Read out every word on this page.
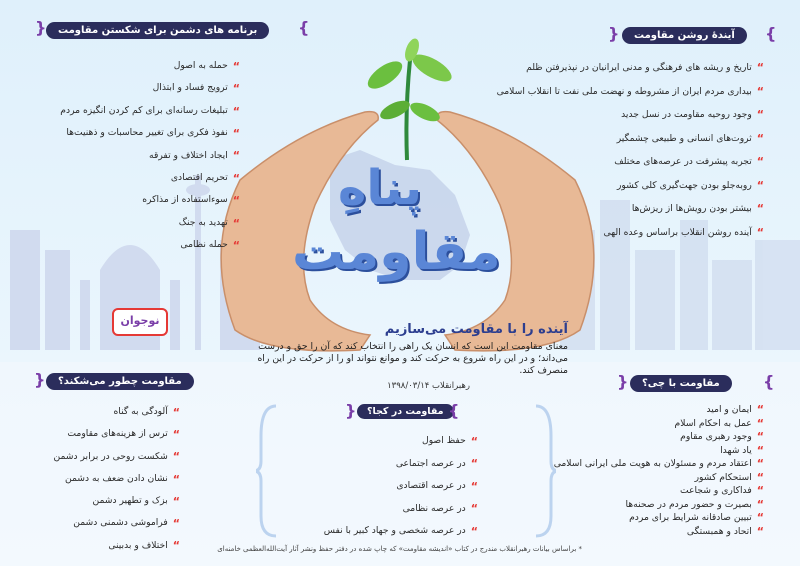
}
برنامه های دشمن برای شکستن مقاومت
{
“
حمله به اصول
“
ترویج فساد و ابتذال
“
تبلیغات رسانه‌ای برای کم کردن انگیزه مردم
“
نفوذ فکری برای تغییر محاسبات و ذهنیت‌ها
“
ایجاد اختلاف و تفرقه
“
تحریم اقتصادی
“
سوءاستفاده از مذاکره
“
تهدید به جنگ
“
حمله نظامی
}
آیندهٔ روشن مقاومت
{
“
تاریخ و ریشه های فرهنگی و مدنی ایرانیان در نپذیرفتن ظلم
“
بیداری مردم ایران از مشروطه و نهضت ملی نفت تا انقلاب اسلامی
“
وجود روحیه مقاومت در نسل جدید
“
ثروت‌های انسانی و طبیعی چشمگیر
“
تجربه پیشرفت در عرصه‌های مختلف
“
روبه‌جلو بودن جهت‌گیری کلی کشور
“
بیشتر بودن رویش‌ها از ریزش‌ها
“
آینده روشن انقلاب براساس وعده الهی
پناهِ
مقاومت
نوجوان
آینده را با مقاومت می‌سازیم
معنای مقاومت این است که انسان یک راهی را انتخاب کند که آن را حق و درست می‌داند؛ و در این راه شروع به حرکت کند و موانع نتواند او را از حرکت در این راه منصرف کند.
رهبرانقلاب ۱۳۹۸/۰۳/۱۴
مقاومت چطور می‌شکند؟
{
“
آلودگی به گناه
“
ترس از هزینه‌های مقاومت
“
شکست روحی در برابر دشمن
“
نشان دادن ضعف به دشمن
“
بزک و تطهیر دشمن
“
فراموشی دشمنی دشمن
“
اختلاف و بدبینی
مقاومت در کجا؟
{	}
“
حفظ اصول
“
در عرصه اجتماعی
“
در عرصه اقتصادی
“
در عرصه نظامی
“
در عرصه شخصی و جهاد کبیر با نفس
}
مقاومت با چی؟
{
“
ایمان و امید
“
عمل به احکام اسلام
“
وجود رهبری مقاوم
“
یاد شهدا
“
اعتقاد مردم و مسئولان به هویت ملی ایرانی اسلامی
“
استحکام کشور
“
فداکاری و شجاعت
“
بصیرت و حضور مردم در صحنه‌ها
“
تبیین صادقانه شرایط برای مردم
“
اتحاد و همبستگی
* براساس بیانات رهبرانقلاب مندرج در کتاب «اندیشه مقاومت» که چاپ شده در دفتر حفظ ونشر آثار آیت‌الله‌العظمی خامنه‌ای
